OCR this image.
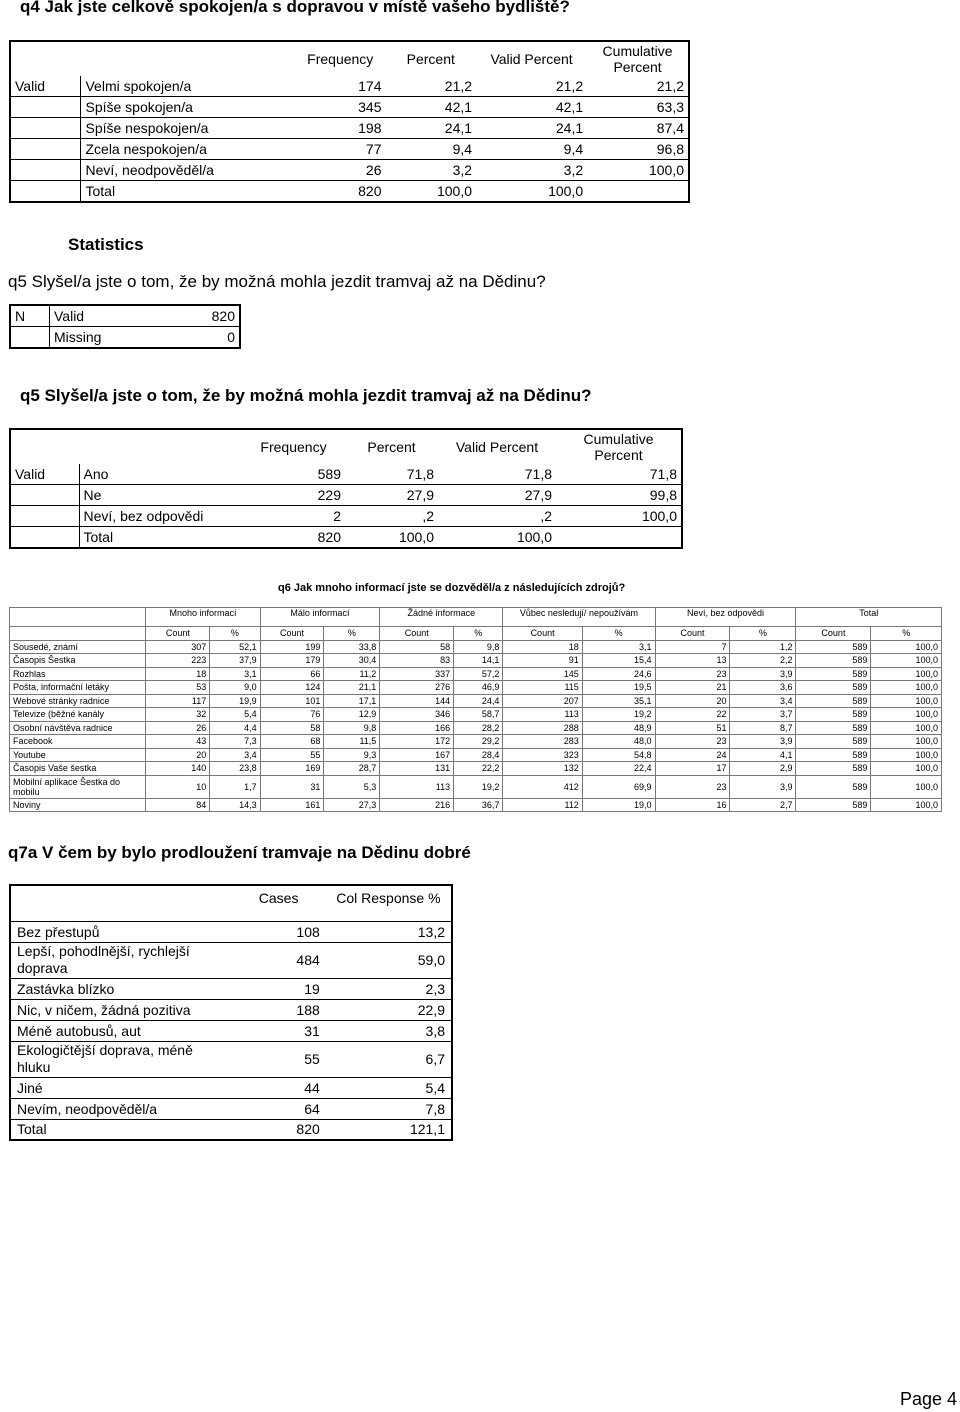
q4 Jak jste celkově spokojen/a s dopravou v místě vašeho bydliště?
		Frequency	Percent	Valid Percent	Cumulative
Percent
Valid	Velmi spokojen/a	174	21,2	21,2	21,2
	Spíše spokojen/a	345	42,1	42,1	63,3
	Spíše nespokojen/a	198	24,1	24,1	87,4
	Zcela nespokojen/a	77	9,4	9,4	96,8
	Neví, neodpověděl/a	26	3,2	3,2	100,0
	Total	820	100,0	100,0	
Statistics
q5 Slyšel/a jste o tom, že by možná mohla jezdit tramvaj až na Dědinu?
N	Valid	820
	Missing	0
q5 Slyšel/a jste o tom, že by možná mohla jezdit tramvaj až na Dědinu?
		Frequency	Percent	Valid Percent	Cumulative
Percent
Valid	Ano	589	71,8	71,8	71,8
	Ne	229	27,9	27,9	99,8
	Neví, bez odpovědi	2	,2	,2	100,0
	Total	820	100,0	100,0	
q6 Jak mnoho informací jste se dozvěděl/a z následujících zdrojů?
	Mnoho informací		Málo informací		Žádné informace		Vůbec nesledují/ nepoužívám		Neví, bez odpovědi		Total	
	Count	%	Count	%	Count	%	Count	%	Count	%	Count	%
Sousedé, známí	307	52,1	199	33,8	58	9,8	18	3,1	7	1,2	589	100,0
Časopis Šestka	223	37,9	179	30,4	83	14,1	91	15,4	13	2,2	589	100,0
Rozhlas	18	3,1	66	11,2	337	57,2	145	24,6	23	3,9	589	100,0
Pošta, informační letáky	53	9,0	124	21,1	276	46,9	115	19,5	21	3,6	589	100,0
Webové stránky radnice	117	19,9	101	17,1	144	24,4	207	35,1	20	3,4	589	100,0
Televize (běžné kanály	32	5,4	76	12,9	346	58,7	113	19,2	22	3,7	589	100,0
Osobní návštěva radnice	26	4,4	58	9,8	166	28,2	288	48,9	51	8,7	589	100,0
Facebook	43	7,3	68	11,5	172	29,2	283	48,0	23	3,9	589	100,0
Youtube	20	3,4	55	9,3	167	28,4	323	54,8	24	4,1	589	100,0
Časopis Vaše šestka	140	23,8	169	28,7	131	22,2	132	22,4	17	2,9	589	100,0
Mobilní aplikace Šestka do mobilu	10	1,7	31	5,3	113	19,2	412	69,9	23	3,9	589	100,0
Noviny	84	14,3	161	27,3	216	36,7	112	19,0	16	2,7	589	100,0
q7a V čem by bylo prodloužení tramvaje na Dědinu dobré
	Cases	Col Response %
Bez přestupů	108	13,2
Lepší, pohodlnější, rychlejší doprava	484	59,0
Zastávka blízko	19	2,3
Nic, v ničem, žádná pozitiva	188	22,9
Méně autobusů, aut	31	3,8
Ekologičtější doprava, méně hluku	55	6,7
Jiné	44	5,4
Nevím, neodpověděl/a	64	7,8
Total	820	121,1
Page 4
